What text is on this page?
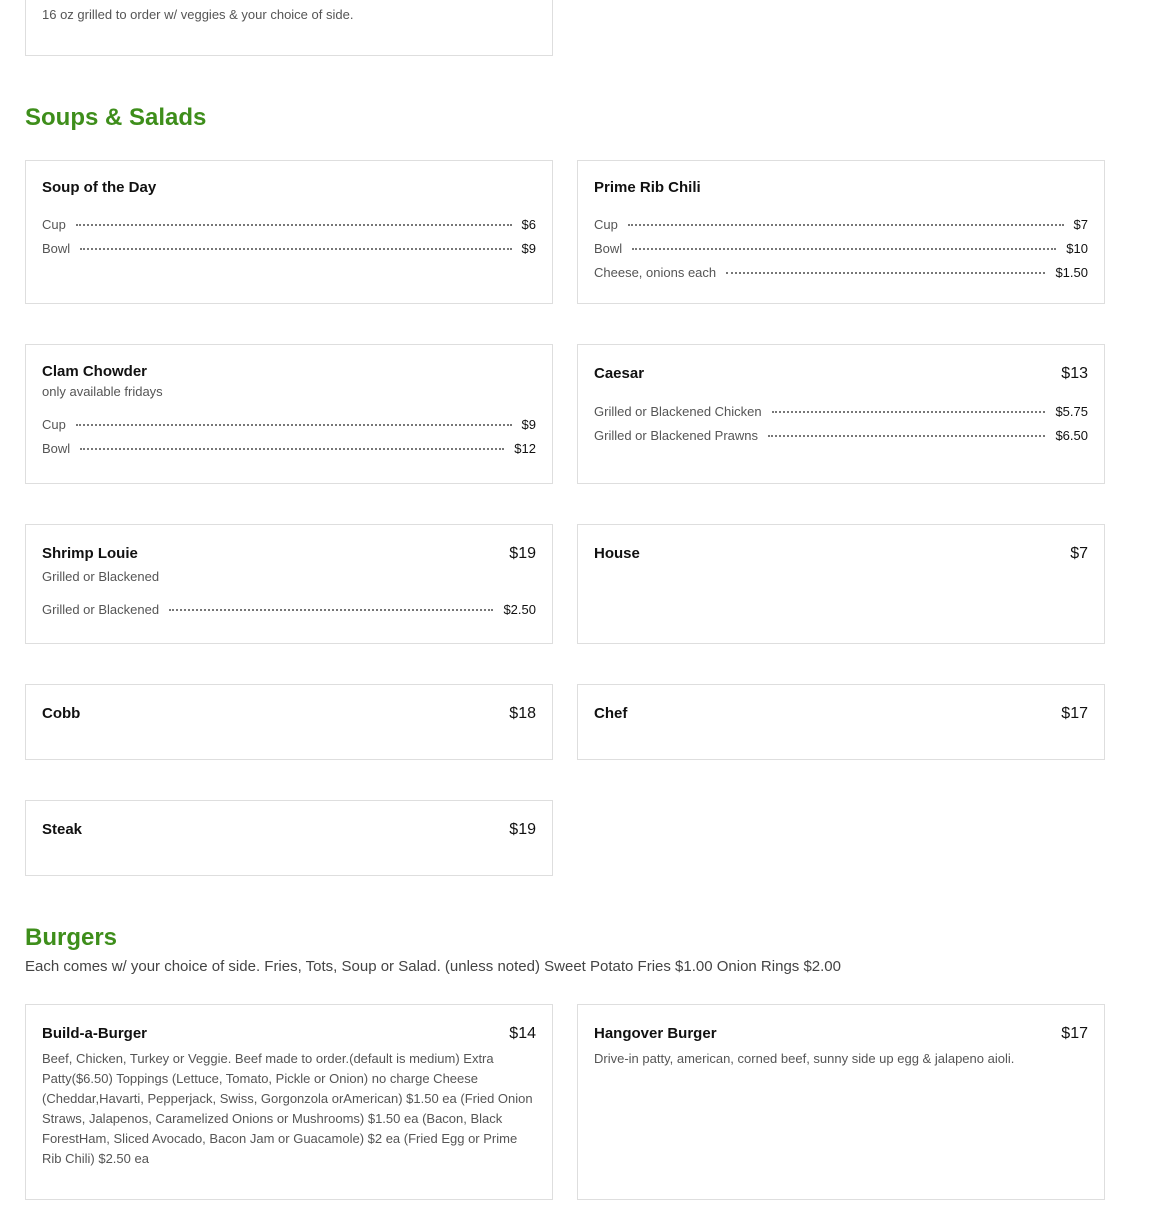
16 oz grilled to order w/ veggies & your choice of side.
Soups & Salads
Soup of the Day
Cup	$6
Bowl	$9
Prime Rib Chili
Cup	$7
Bowl	$10
Cheese, onions each	$1.50
Clam Chowder
only available fridays
Cup	$9
Bowl	$12
Caesar	$13
Grilled or Blackened Chicken	$5.75
Grilled or Blackened Prawns	$6.50
Shrimp Louie	$19
Grilled or Blackened
Grilled or Blackened	$2.50
House	$7
Cobb	$18	Chef	$17
Steak	$19
Burgers
Each comes w/ your choice of side. Fries, Tots, Soup or Salad. (unless noted) Sweet Potato Fries $1.00 Onion Rings $2.00
Build-a-Burger	$14
Beef, Chicken, Turkey or Veggie. Beef made to order.(default is medium) Extra Patty($6.50) Toppings (Lettuce, Tomato, Pickle or Onion) no charge Cheese (Cheddar,Havarti, Pepperjack, Swiss, Gorgonzola orAmerican) $1.50 ea (Fried Onion Straws, Jalapenos, Caramelized Onions or Mushrooms) $1.50 ea (Bacon, Black ForestHam, Sliced Avocado, Bacon Jam or Guacamole) $2 ea (Fried Egg or Prime Rib Chili) $2.50 ea
Hangover Burger	$17
Drive-in patty, american, corned beef, sunny side up egg & jalapeno aioli.
